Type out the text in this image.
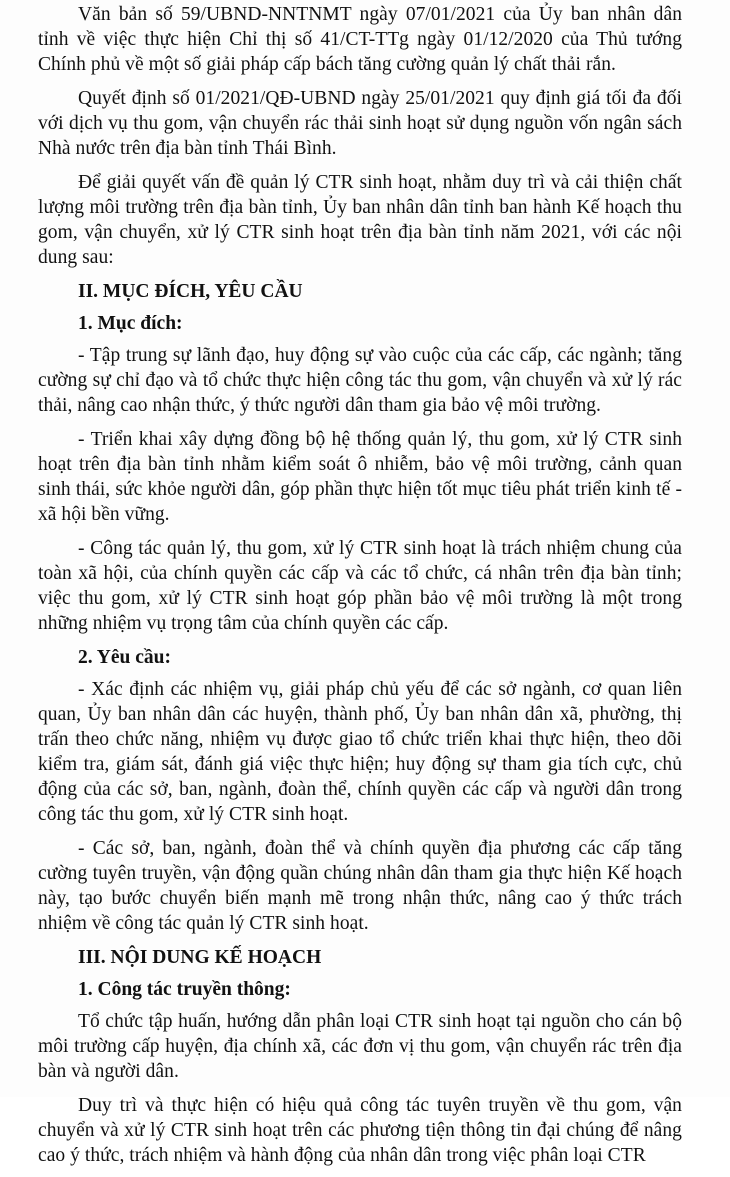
Văn bản số 59/UBND-NNTNMT ngày 07/01/2021 của Ủy ban nhân dân tỉnh về việc thực hiện Chỉ thị số 41/CT-TTg ngày 01/12/2020 của Thủ tướng Chính phủ về một số giải pháp cấp bách tăng cường quản lý chất thải rắn.

Quyết định số 01/2021/QĐ-UBND ngày 25/01/2021 quy định giá tối đa đối với dịch vụ thu gom, vận chuyển rác thải sinh hoạt sử dụng nguồn vốn ngân sách Nhà nước trên địa bàn tỉnh Thái Bình.

Để giải quyết vấn đề quản lý CTR sinh hoạt, nhằm duy trì và cải thiện chất lượng môi trường trên địa bàn tỉnh, Ủy ban nhân dân tỉnh ban hành Kế hoạch thu gom, vận chuyển, xử lý CTR sinh hoạt trên địa bàn tỉnh năm 2021, với các nội dung sau:

II. MỤC ĐÍCH, YÊU CẦU

1. Mục đích:

- Tập trung sự lãnh đạo, huy động sự vào cuộc của các cấp, các ngành; tăng cường sự chỉ đạo và tổ chức thực hiện công tác thu gom, vận chuyển và xử lý rác thải, nâng cao nhận thức, ý thức người dân tham gia bảo vệ môi trường.

- Triển khai xây dựng đồng bộ hệ thống quản lý, thu gom, xử lý CTR sinh hoạt trên địa bàn tỉnh nhằm kiểm soát ô nhiễm, bảo vệ môi trường, cảnh quan sinh thái, sức khỏe người dân, góp phần thực hiện tốt mục tiêu phát triển kinh tế - xã hội bền vững.

- Công tác quản lý, thu gom, xử lý CTR sinh hoạt là trách nhiệm chung của toàn xã hội, của chính quyền các cấp và các tổ chức, cá nhân trên địa bàn tỉnh; việc thu gom, xử lý CTR sinh hoạt góp phần bảo vệ môi trường là một trong những nhiệm vụ trọng tâm của chính quyền các cấp.

2. Yêu cầu:

- Xác định các nhiệm vụ, giải pháp chủ yếu để các sở ngành, cơ quan liên quan, Ủy ban nhân dân các huyện, thành phố, Ủy ban nhân dân xã, phường, thị trấn theo chức năng, nhiệm vụ được giao tổ chức triển khai thực hiện, theo dõi kiểm tra, giám sát, đánh giá việc thực hiện; huy động sự tham gia tích cực, chủ động của các sở, ban, ngành, đoàn thể, chính quyền các cấp và người dân trong công tác thu gom, xử lý CTR sinh hoạt.

- Các sở, ban, ngành, đoàn thể và chính quyền địa phương các cấp tăng cường tuyên truyền, vận động quần chúng nhân dân tham gia thực hiện Kế hoạch này, tạo bước chuyển biến mạnh mẽ trong nhận thức, nâng cao ý thức trách nhiệm về công tác quản lý CTR sinh hoạt.

III. NỘI DUNG KẾ HOẠCH

1. Công tác truyền thông:

Tổ chức tập huấn, hướng dẫn phân loại CTR sinh hoạt tại nguồn cho cán bộ môi trường cấp huyện, địa chính xã, các đơn vị thu gom, vận chuyển rác trên địa bàn và người dân.

Duy trì và thực hiện có hiệu quả công tác tuyên truyền về thu gom, vận chuyển và xử lý CTR sinh hoạt trên các phương tiện thông tin đại chúng để nâng cao ý thức, trách nhiệm và hành động của nhân dân trong việc phân loại CTR
